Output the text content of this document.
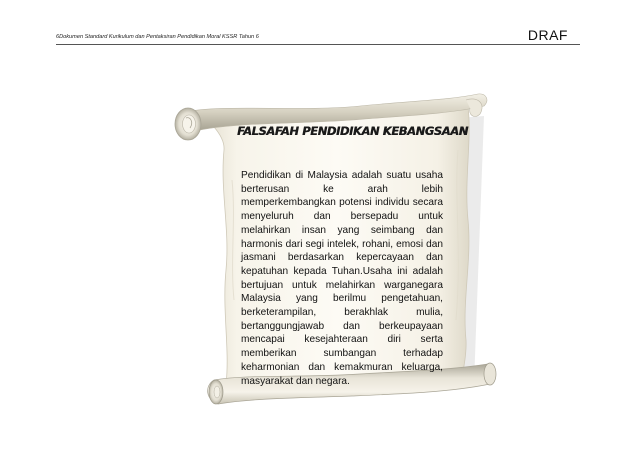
6Dokumen Standard Kurikulum dan Pentaksiran Pendidikan Moral KSSR Tahun 6	DRAF
FALSAFAH PENDIDIKAN KEBANGSAAN
Pendidikan di Malaysia adalah suatu usaha berterusan ke arah lebih memperkembangkan potensi individu secara menyeluruh dan bersepadu untuk melahirkan insan yang seimbang dan harmonis dari segi intelek, rohani, emosi dan jasmani berdasarkan kepercayaan dan kepatuhan kepada Tuhan.Usaha ini adalah bertujuan untuk melahirkan warganegara Malaysia yang berilmu pengetahuan, berketerampilan, berakhlak mulia, bertanggungjawab dan berkeupayaan mencapai kesejahteraan diri serta memberikan sumbangan terhadap keharmonian dan kemakmuran keluarga, masyarakat dan negara.
